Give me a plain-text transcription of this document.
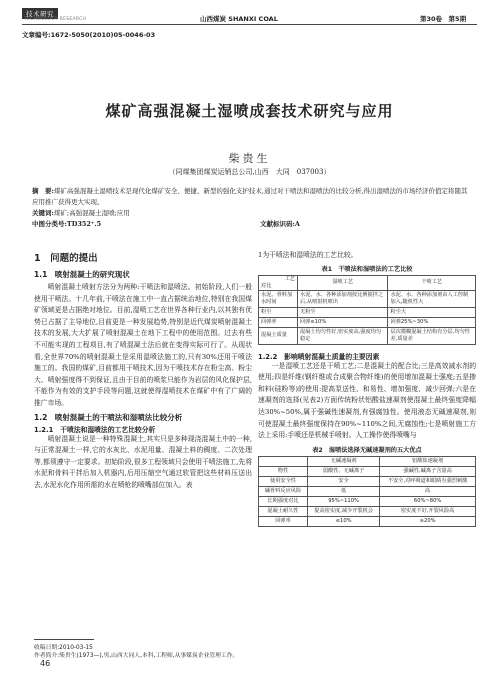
技术研究
TECHNOLOGY RESEARCH	山西煤炭 SHANXI COAL	第30卷　第5期
文章编号:1672-5050(2010)05-0046-03
煤矿高强混凝土湿喷成套技术研究与应用
柴贵生
（同煤集团煤炭运销总公司,山西　大同　037003）
摘　要:煤矿高强混凝土湿喷技术是现代化煤矿安全、便捷、新型的强化支护技术,通过对干喷法和湿喷法的比较分析,得出湿喷法的市场经济价值定将随其应用推广获得更大实现。
关键词:煤矿;高强混凝土湿喷;应用
中图分类号:TD352⁺.5	文献标识码:A
1　问题的提出
1.1　喷射混凝土的研究现状
喷射混凝土喷射方法分为两种:干喷法和湿喷法。初始阶段,人们一般使用干喷法。十几年前,干喷法在施工中一直占据统治地位,特别在我国煤矿领域更是占据绝对地位。目前,湿喷工艺在世界各种行业内,以其独有优势已占据了主导地位,目前更是一种发展趋势,特别是近代煤炭喷射混凝土技术的发展,大大扩展了喷射混凝土在地下工程中的使用范围。过去有些不可能实现的工程项目,有了喷混凝土法后就在变得实际可行了。从现状看,全世界70%的喷射混凝土是采用湿喷法施工的,只有30%还用干喷法施工的。我国的煤矿,目前都用干喷技术,因为干喷技术存在粉尘高、粉尘大、喷射强度得不到保证,且由于目前的喷浆只能作为岩层的风化保护层,不能作为有效的支护手段等问题,这就使得湿喷技术在煤矿中有了广阔的推广市场。
1.2　喷射混凝土的干喷法和湿喷法比较分析
1.2.1　干喷法和湿喷法的工艺比较分析
喷射混凝土说是一种特殊混凝土,其实只是多种现浇混凝土中的一种,与正常混凝土一样,它的水灰比、水泥用量、混凝土料的稠度、二次处理等,都须遵守一定要求。初始阶段,很多工程领域只会使用干喷法施工,先将水泥和骨料干拌后加入机器内,后用压缩空气通过软管把这些材料压送出去,水泥水化作用所需的水在喷枪的喷嘴部位加入。表
1为干喷法和湿喷法的工艺比较。
表1　干喷法和湿喷法的工艺比较
工艺
对比	湿喷工艺	干喷工艺
水泥、骨料加水时间	水泥、水、各种添加剂按比例搅拌之后,从喷射机喷出	水泥、水、各种添加剂由人工控制加入,随机性大
粉尘	无粉尘	粉尘大
回弹率	回弹≤10%	回弹25%~30%
混凝土质量	混凝土均匀性好,密实度高,强度均匀稳定	层次模糊混凝土结构有分层,均匀性差,质量差
1.2.2　影响喷射混凝土质量的主要因素
一是湿喷工艺还是干喷工艺;二是混凝土的配合比;三是高效减水剂的使用;四是纤维(钢纤维或合成聚合物纤维)的使用增加混凝土强度;五是掺和料(硅粉等)的使用:提高泵送性、和易性、增加强度、减少回弹;六是在速凝剂的选择(见表2)方面传统粉状铝酸盐速凝剂使混凝土最终强度降幅达30%~50%,属于强碱性速凝剂,有强腐蚀性。使用液态无碱速凝剂,则可使混凝土最终强度保持在90%~110%之间,无腐蚀性;七是喷射施工方法上采用:手喷还是机械手喷射。人工操作使得喷嘴与
表2　湿喷法选择无碱速凝剂的五大优点
	无碱速凝剂	铝酸盐速凝剂
物性	弱酸性、无碱离子	强碱性,碱离子含量高
使用安全性	安全	不安全,对呼吸道和眼睛有强烈刺激
碱骨料反应风险	低	高
长期强度对比	95%~110%	60%~80%
混凝土耐久性	提高密实度,减少开裂机会	密实度不好,开裂风险高
回弹率	≤10%	≥20%
收稿日期:2010-03-15
作者简介:柴贵生(1973—),男,山西大同人,本科,工程师,从事煤炭企业管理工作。
46
